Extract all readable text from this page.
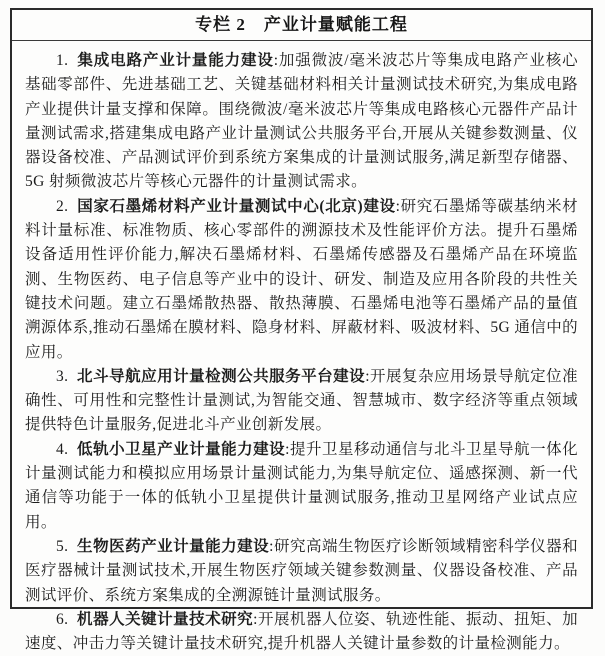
专栏 2　产业计量赋能工程

1. 集成电路产业计量能力建设:加强微波/毫米波芯片等集成电路产业核心基础零部件、先进基础工艺、关键基础材料相关计量测试技术研究,为集成电路产业提供计量支撑和保障。围绕微波/毫米波芯片等集成电路核心元器件产品计量测试需求,搭建集成电路产业计量测试公共服务平台,开展从关键参数测量、仪器设备校准、产品测试评价到系统方案集成的计量测试服务,满足新型存储器、5G 射频微波芯片等核心元器件的计量测试需求。

2. 国家石墨烯材料产业计量测试中心(北京)建设:研究石墨烯等碳基纳米材料计量标准、标准物质、核心零部件的溯源技术及性能评价方法。提升石墨烯设备适用性评价能力,解决石墨烯材料、石墨烯传感器及石墨烯产品在环境监测、生物医药、电子信息等产业中的设计、研发、制造及应用各阶段的共性关键技术问题。建立石墨烯散热器、散热薄膜、石墨烯电池等石墨烯产品的量值溯源体系,推动石墨烯在膜材料、隐身材料、屏蔽材料、吸波材料、5G 通信中的应用。

3. 北斗导航应用计量检测公共服务平台建设:开展复杂应用场景导航定位准确性、可用性和完整性计量测试,为智能交通、智慧城市、数字经济等重点领域提供特色计量服务,促进北斗产业创新发展。

4. 低轨小卫星产业计量能力建设:提升卫星移动通信与北斗卫星导航一体化计量测试能力和模拟应用场景计量测试能力,为集导航定位、遥感探测、新一代通信等功能于一体的低轨小卫星提供计量测试服务,推动卫星网络产业试点应用。

5. 生物医药产业计量能力建设:研究高端生物医疗诊断领域精密科学仪器和医疗器械计量测试技术,开展生物医疗领域关键参数测量、仪器设备校准、产品测试评价、系统方案集成的全溯源链计量测试服务。

6. 机器人关键计量技术研究:开展机器人位姿、轨迹性能、振动、扭矩、加速度、冲击力等关键计量技术研究,提升机器人关键计量参数的计量检测能力。
